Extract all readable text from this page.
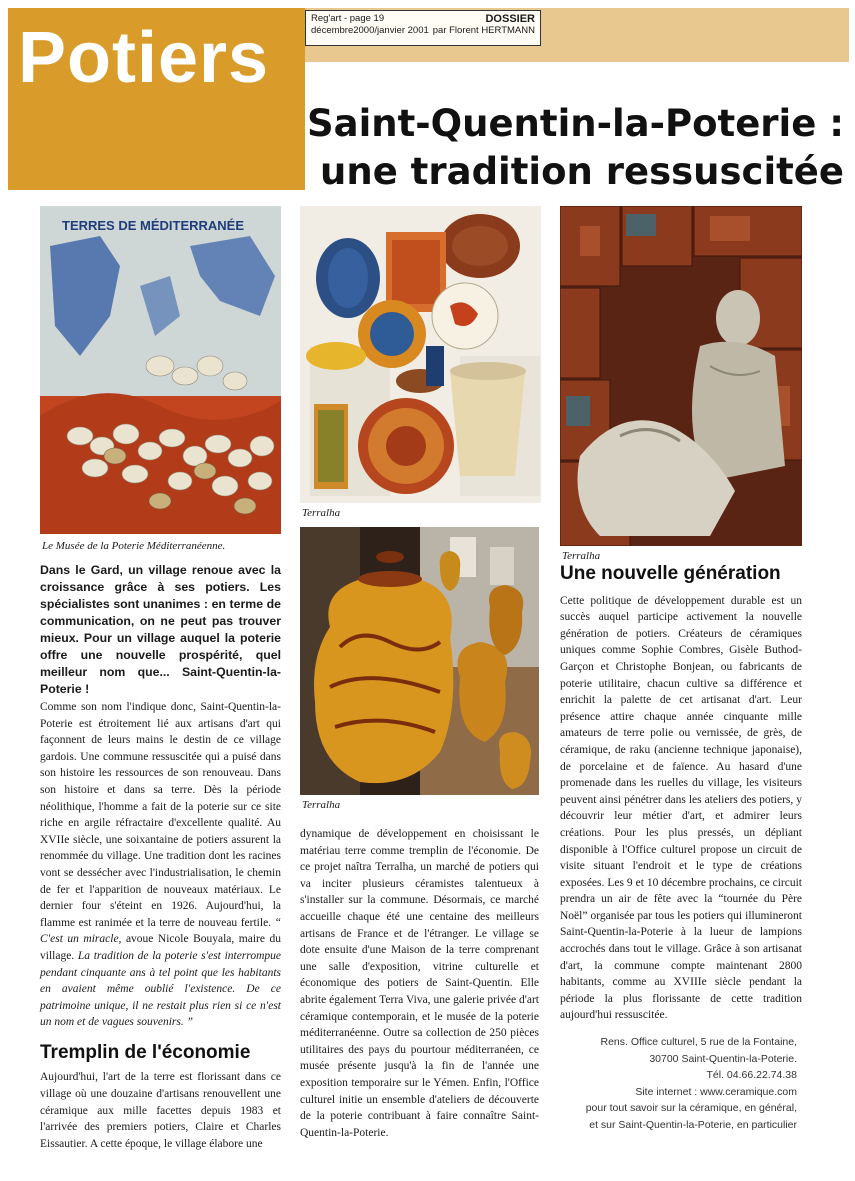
Potiers	Reg'art - page 19	DOSSIER
décembre2000/janvier 2001 par Florent HERTMANN
Saint-Quentin-la-Poterie :
une tradition ressuscitée
TERRES DE MÉDITERRANÉE
Le Musée de la Poterie Méditerranéenne.
Terralha
Terralha
Terralha

Dans le Gard, un village renoue avec la croissance grâce à ses potiers. Les spécialistes sont unanimes : en terme de communication, on ne peut pas trouver mieux. Pour un village auquel la poterie offre une nouvelle prospérité, quel meilleur nom que... Saint-Quentin-la-Poterie !

Comme son nom l'indique donc, Saint-Quentin-la-Poterie est étroitement lié aux artisans d'art qui façonnent de leurs mains le destin de ce village gardois. Une commune ressuscitée qui a puisé dans son histoire les ressources de son renouveau. Dans son histoire et dans sa terre. Dès la période néolithique, l'homme a fait de la poterie sur ce site riche en argile réfractaire d'excellente qualité. Au XVIIe siècle, une soixantaine de potiers assurent la renommée du village. Une tradition dont les racines vont se dessécher avec l'industrialisation, le chemin de fer et l'apparition de nouveaux matériaux. Le dernier four s'éteint en 1926. Aujourd'hui, la flamme est ranimée et la terre de nouveau fertile. “ C'est un miracle, avoue Nicole Bouyala, maire du village. La tradition de la poterie s'est interrompue pendant cinquante ans à tel point que les habitants en avaient même oublié l'existence. De ce patrimoine unique, il ne restait plus rien si ce n'est un nom et de vagues souvenirs. ”

Tremplin de l'économie

Aujourd'hui, l'art de la terre est florissant dans ce village où une douzaine d'artisans renouvellent une céramique aux mille facettes depuis 1983 et l'arrivée des premiers potiers, Claire et Charles Eissautier. A cette époque, le village élabore une

dynamique de développement en choisissant le matériau terre comme tremplin de l'économie. De ce projet naîtra Terralha, un marché de potiers qui va inciter plusieurs céramistes talentueux à s'installer sur la commune. Désormais, ce marché accueille chaque été une centaine des meilleurs artisans de France et de l'étranger. Le village se dote ensuite d'une Maison de la terre comprenant une salle d'exposition, vitrine culturelle et économique des potiers de Saint-Quentin. Elle abrite également Terra Viva, une galerie privée d'art céramique contemporain, et le musée de la poterie méditerranéenne. Outre sa collection de 250 pièces utilitaires des pays du pourtour méditerranéen, ce musée présente jusqu'à la fin de l'année une exposition temporaire sur le Yémen. Enfin, l'Office culturel initie un ensemble d'ateliers de découverte de la poterie contribuant à faire connaître Saint-Quentin-la-Poterie.

Une nouvelle génération

Cette politique de développement durable est un succès auquel participe activement la nouvelle génération de potiers. Créateurs de céramiques uniques comme Sophie Combres, Gisèle Buthod-Garçon et Christophe Bonjean, ou fabricants de poterie utilitaire, chacun cultive sa différence et enrichit la palette de cet artisanat d'art. Leur présence attire chaque année cinquante mille amateurs de terre polie ou vernissée, de grès, de céramique, de raku (ancienne technique japonaise), de porcelaine et de faïence. Au hasard d'une promenade dans les ruelles du village, les visiteurs peuvent ainsi pénétrer dans les ateliers des potiers, y découvrir leur métier d'art, et admirer leurs créations. Pour les plus pressés, un dépliant disponible à l'Office culturel propose un circuit de visite situant l'endroit et le type de créations exposées. Les 9 et 10 décembre prochains, ce circuit prendra un air de fête avec la “tournée du Père Noël” organisée par tous les potiers qui illumineront Saint-Quentin-la-Poterie à la lueur de lampions accrochés dans tout le village. Grâce à son artisanat d'art, la commune compte maintenant 2800 habitants, comme au XVIIIe siècle pendant la période la plus florissante de cette tradition aujourd'hui ressuscitée.

Rens. Office culturel, 5 rue de la Fontaine,
30700 Saint-Quentin-la-Poterie.
Tél. 04.66.22.74.38
Site internet : www.ceramique.com
pour tout savoir sur la céramique, en général,
et sur Saint-Quentin-la-Poterie, en particulier
